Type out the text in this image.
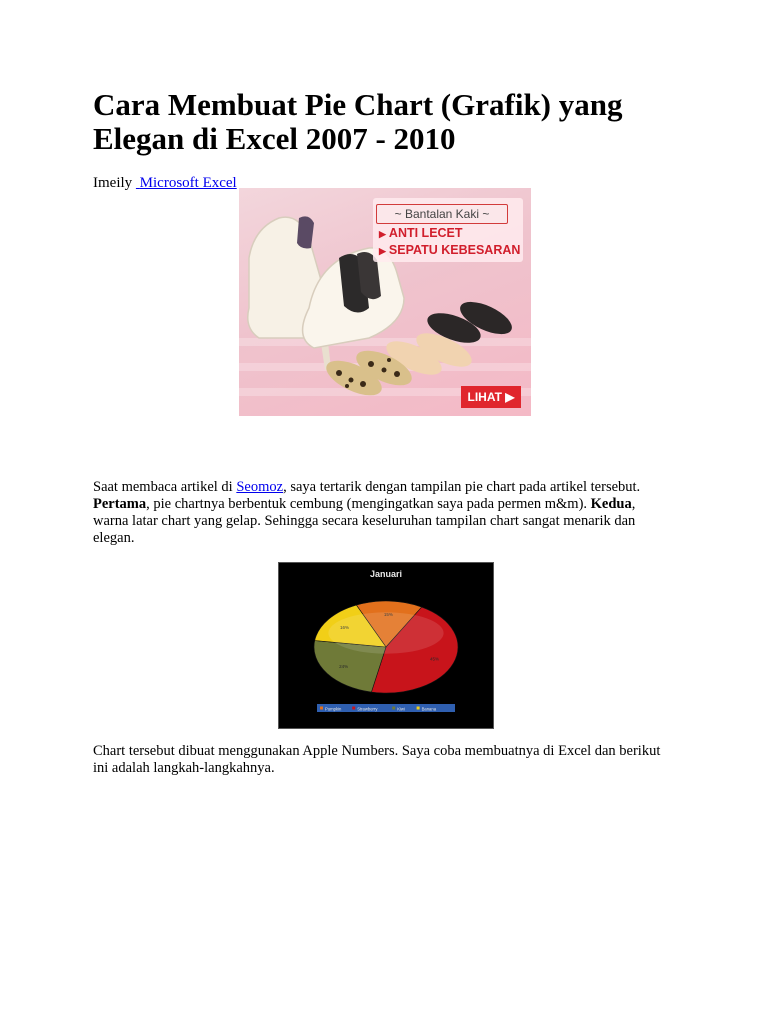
Cara Membuat Pie Chart (Grafik) yang Elegan di Excel 2007 - 2010
Imeily Microsoft Excel
~ Bantalan Kaki ~
▶ ANTI LECET
▶ SEPATU KEBESARAN
LIHAT ▶
Saat membaca artikel di Seomoz, saya tertarik dengan tampilan pie chart pada artikel tersebut. Pertama, pie chartnya berbentuk cembung (mengingatkan saya pada permen m&m). Kedua, warna latar chart yang gelap. Sehingga secara keseluruhan tampilan chart sangat menarik dan elegan.
Januari
45%
24%
Pumpkin	Strawberry	Kiwi	Banana
Chart tersebut dibuat menggunakan Apple Numbers. Saya coba membuatnya di Excel dan berikut ini adalah langkah-langkahnya.
